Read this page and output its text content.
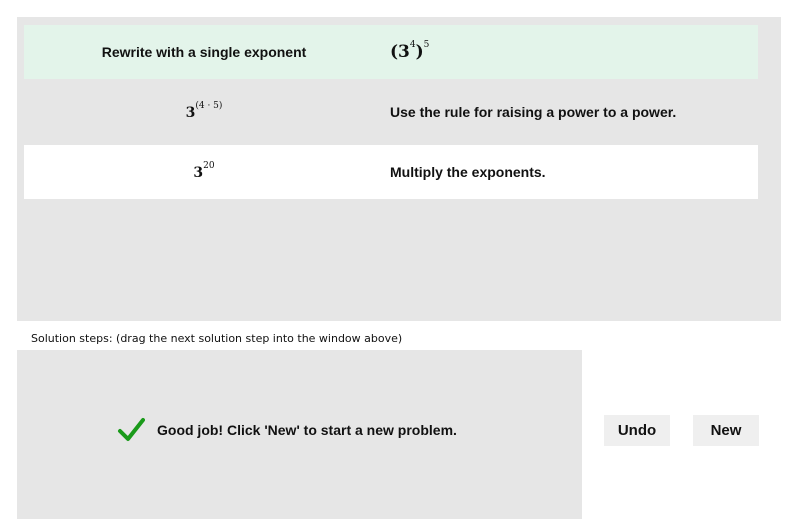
Rewrite with a single exponent	$(3^4)^5$
$3^{(4 \cdot 5)}$	Use the rule for raising a power to a power.
$3^{20}$	Multiply the exponents.
Solution steps: (drag the next solution step into the window above)
Good job! Click 'New' to start a new problem.	Undo	New
